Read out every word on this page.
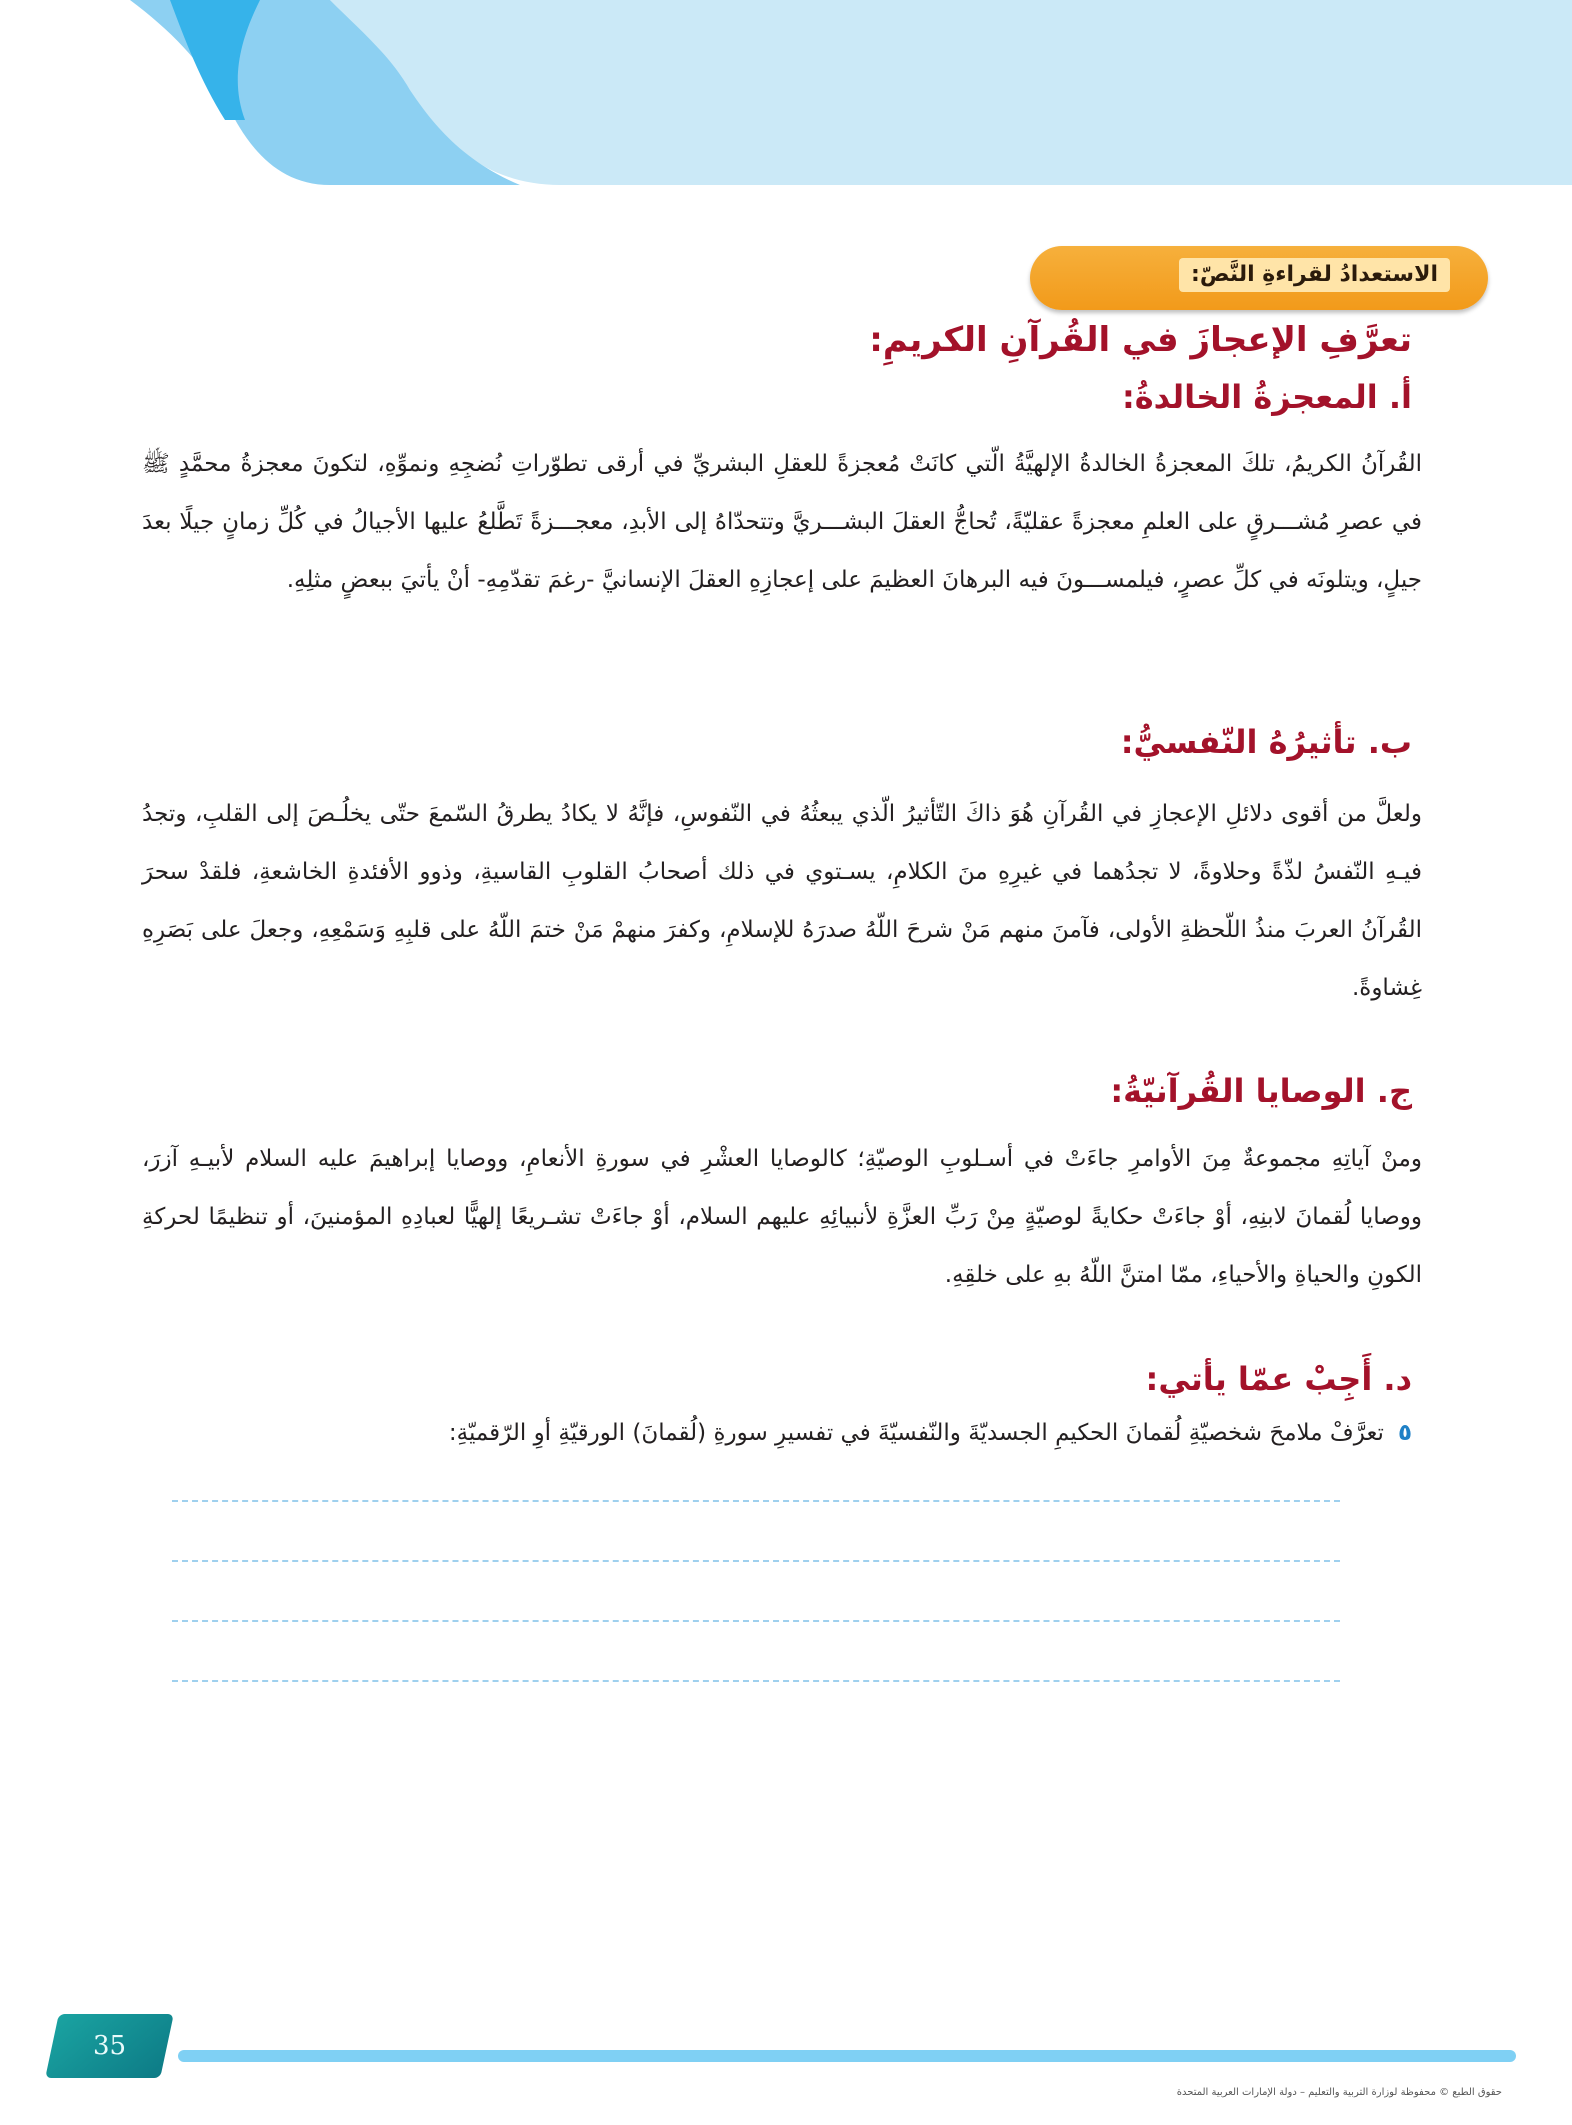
الاستعدادُ لقراءةِ النَّصّ:
تعرَّفِ الإعجازَ في القُرآنِ الكريمِ:
أ. المعجزةُ الخالدةُ:

القُرآنُ الكريمُ، تلكَ المعجزةُ الخالدةُ الإلهيَّةُ الّتي كانَتْ مُعجزةً للعقلِ البشريِّ في أرقى تطوّراتِ نُضجِهِ ونموِّهِ، لتكونَ معجزةُ محمَّدٍ ﷺ في عصرِ مُشـــرقٍ على العلمِ معجزةً عقليّةً، تُحاجُّ العقلَ البشـــريَّ وتتحدّاهُ إلى الأبدِ، معجـــزةً تَطَّلعُ عليها الأجيالُ في كُلِّ زمانٍ جيلًا بعدَ جيلٍ، ويتلونَه في كلِّ عصرٍ، فيلمســـونَ فيه البرهانَ العظيمَ على إعجازِهِ العقلَ الإنسانيَّ -رغمَ تقدّمِهِ- أنْ يأتيَ ببعضٍ مثلِهِ.

ب. تأثيرُهُ النّفسيُّ:

ولعلَّ من أقوى دلائلِ الإعجازِ في القُرآنِ هُوَ ذاكَ التّأثيرُ الّذي يبعثُهُ في النّفوسِ، فإنَّهُ لا يكادُ يطرقُ السّمعَ حتّى يخلُـصَ إلى القلبِ، وتجدُ فيـهِ النّفسُ لذّةً وحلاوةً، لا تجدُهما في غيرِهِ منَ الكلامِ، يسـتوي في ذلك أصحابُ القلوبِ القاسيةِ، وذوو الأفئدةِ الخاشعةِ، فلقدْ سحرَ القُرآنُ العربَ منذُ اللّحظةِ الأولى، فآمنَ منهم مَنْ شرحَ اللّهُ صدرَهُ للإسلامِ، وكفرَ منهمْ مَنْ ختمَ اللّهُ على قلبِهِ وَسَمْعِهِ، وجعلَ على بَصَرِهِ غِشاوةً.

ج. الوصايا القُرآنيّةُ:

ومنْ آياتِهِ مجموعةٌ مِنَ الأوامرِ جاءَتْ في أسـلوبِ الوصيّةِ؛ كالوصايا العشْرِ في سورةِ الأنعامِ، ووصايا إبراهيمَ عليه السلام لأبيـهِ آزرَ، ووصايا لُقمانَ لابنِهِ، أوْ جاءَتْ حكايةً لوصيّةٍ مِنْ رَبِّ العزَّةِ لأنبيائِهِ عليهم السلام، أوْ جاءَتْ تشـريعًا إلهيًّا لعبادِهِ المؤمنينَ، أو تنظيمًا لحركةِ الكونِ والحياةِ والأحياءِ، ممّا امتنَّ اللّهُ بهِ على خلقِهِ.

د. أَجِبْ عمّا يأتي:
٥تعرَّفْ ملامحَ شخصيّةِ لُقمانَ الحكيمِ الجسديّةَ والنّفسيّةَ في تفسيرِ سورةِ (لُقمانَ) الورقيّةِ أوِ الرّقميّةِ:
35
حقوق الطبع © محفوظة لوزارة التربية والتعليم – دولة الإمارات العربية المتحدة
